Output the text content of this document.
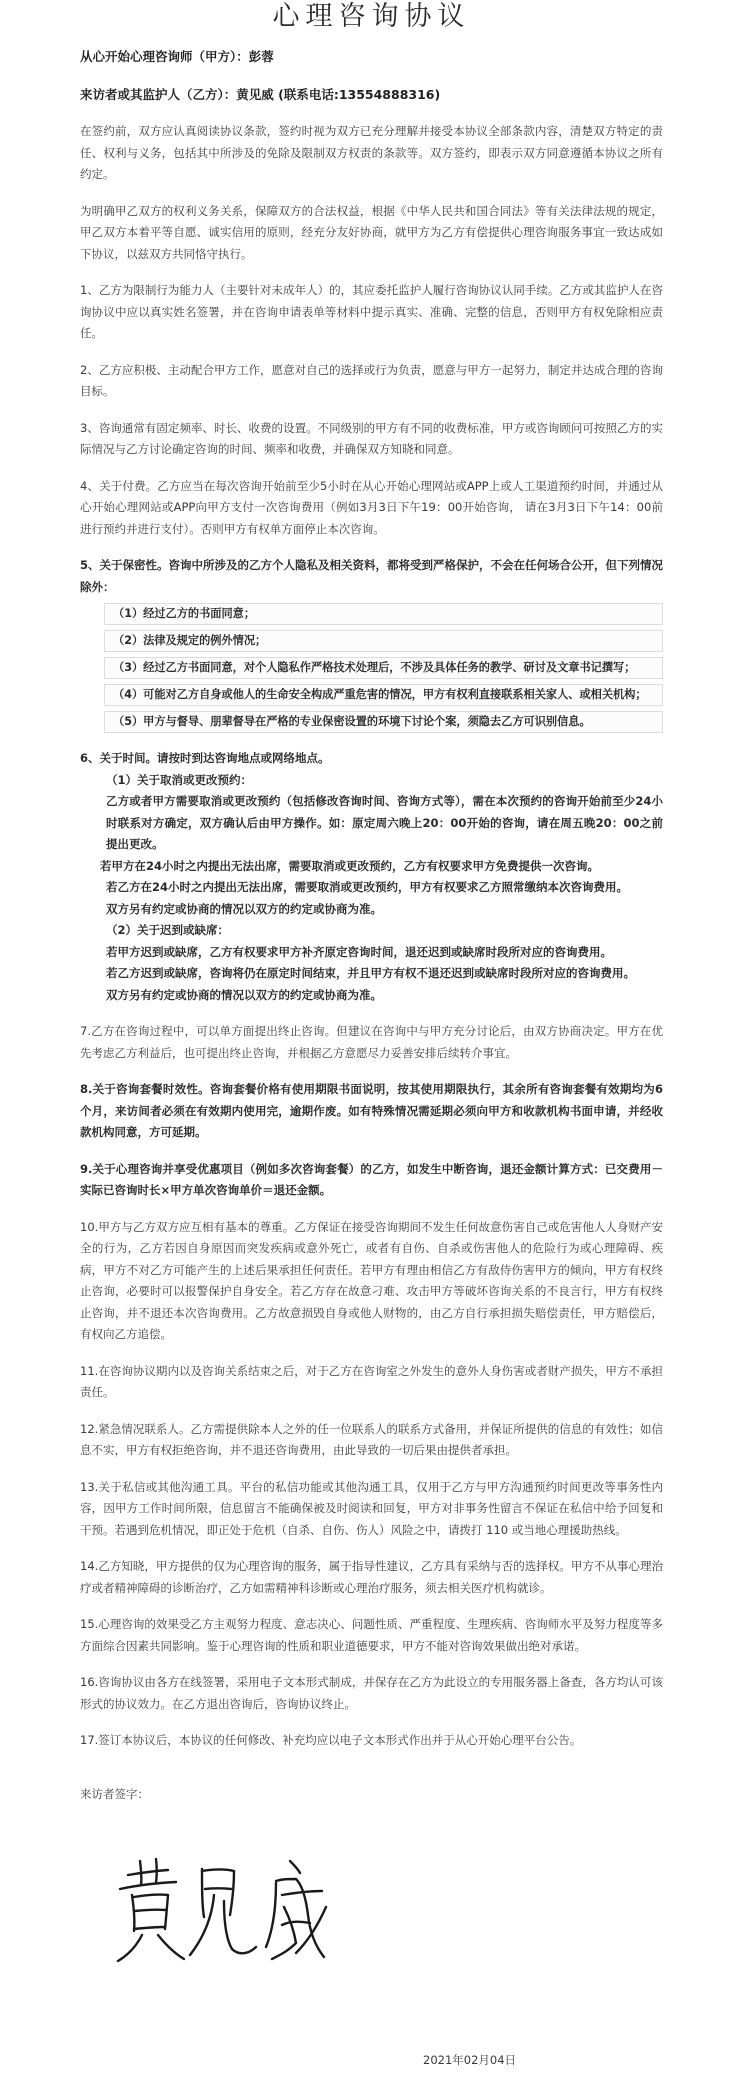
心理咨询协议

从心开始心理咨询师（甲方）：彭蓉

来访者或其监护人（乙方）：黄见威 (联系电话:13554888316)

在签约前，双方应认真阅读协议条款，签约时视为双方已充分理解并接受本协议全部条款内容，清楚双方特定的责任、权利与义务，包括其中所涉及的免除及限制双方权责的条款等。双方签约，即表示双方同意遵循本协议之所有约定。

为明确甲乙双方的权利义务关系，保障双方的合法权益，根据《中华人民共和国合同法》等有关法律法规的规定，甲乙双方本着平等自愿、诚实信用的原则，经充分友好协商，就甲方为乙方有偿提供心理咨询服务事宜一致达成如下协议，以兹双方共同恪守执行。

1、乙方为限制行为能力人（主要针对未成年人）的，其应委托监护人履行咨询协议认同手续。乙方或其监护人在咨询协议中应以真实姓名签署，并在咨询申请表单等材料中提示真实、准确、完整的信息，否则甲方有权免除相应责任。

2、乙方应积极、主动配合甲方工作，愿意对自己的选择或行为负责，愿意与甲方一起努力，制定并达成合理的咨询目标。

3、咨询通常有固定频率、时长、收费的设置。不同级别的甲方有不同的收费标准，甲方或咨询顾问可按照乙方的实际情况与乙方讨论确定咨询的时间、频率和收费，并确保双方知晓和同意。

4、关于付费。乙方应当在每次咨询开始前至少5小时在从心开始心理网站或APP上或人工渠道预约时间，并通过从心开始心理网站或APP向甲方支付一次咨询费用（例如3月3日下午19：00开始咨询， 请在3月3日下午14：00前进行预约并进行支付）。否则甲方有权单方面停止本次咨询。

5、关于保密性。咨询中所涉及的乙方个人隐私及相关资料，都将受到严格保护，不会在任何场合公开，但下列情况除外：

（1）经过乙方的书面同意；
（2）法律及规定的例外情况；
（3）经过乙方书面同意，对个人隐私作严格技术处理后，不涉及具体任务的教学、研讨及文章书记撰写；
（4）可能对乙方自身或他人的生命安全构成严重危害的情况，甲方有权利直接联系相关家人、或相关机构；
（5）甲方与督导、朋辈督导在严格的专业保密设置的环境下讨论个案，须隐去乙方可识别信息。

6、关于时间。请按时到达咨询地点或网络地点。

（1）关于取消或更改预约：

乙方或者甲方需要取消或更改预约（包括修改咨询时间、咨询方式等），需在本次预约的咨询开始前至少24小时联系对方确定，双方确认后由甲方操作。如：原定周六晚上20：00开始的咨询，请在周五晚20：00之前提出更改。

若甲方在24小时之内提出无法出席，需要取消或更改预约，乙方有权要求甲方免费提供一次咨询。

若乙方在24小时之内提出无法出席，需要取消或更改预约，甲方有权要求乙方照常缴纳本次咨询费用。

双方另有约定或协商的情况以双方的约定或协商为准。

（2）关于迟到或缺席：

若甲方迟到或缺席，乙方有权要求甲方补齐原定咨询时间，退还迟到或缺席时段所对应的咨询费用。

若乙方迟到或缺席，咨询将仍在原定时间结束，并且甲方有权不退还迟到或缺席时段所对应的咨询费用。

双方另有约定或协商的情况以双方的约定或协商为准。

7.乙方在咨询过程中，可以单方面提出终止咨询。但建议在咨询中与甲方充分讨论后，由双方协商决定。甲方在优先考虑乙方利益后，也可提出终止咨询，并根据乙方意愿尽力妥善安排后续转介事宜。

8.关于咨询套餐时效性。咨询套餐价格有使用期限书面说明，按其使用期限执行，其余所有咨询套餐有效期均为6个月，来访间者必须在有效期内使用完，逾期作废。如有特殊情况需延期必须向甲方和收款机构书面申请，并经收款机构同意，方可延期。

9.关于心理咨询并享受优惠项目（例如多次咨询套餐）的乙方，如发生中断咨询，退还金额计算方式：已交费用－实际已咨询时长×甲方单次咨询单价＝退还金额。

10.甲方与乙方双方应互相有基本的尊重。乙方保证在接受咨询期间不发生任何故意伤害自己或危害他人人身财产安全的行为，乙方若因自身原因而突发疾病或意外死亡，或者有自伤、自杀或伤害他人的危险行为或心理障碍、疾病，甲方不对乙方可能产生的上述后果承担任何责任。若甲方有理由相信乙方有敌侍伤害甲方的倾向，甲方有权终止咨询，必要时可以报警保护自身安全。若乙方存在故意刁难、攻击甲方等破坏咨询关系的不良言行，甲方有权终止咨询，并不退还本次咨询费用。乙方故意损毁自身或他人财物的，由乙方自行承担损失赔偿责任，甲方赔偿后，有权向乙方追偿。

11.在咨询协议期内以及咨询关系结束之后，对于乙方在咨询室之外发生的意外人身伤害或者财产损失，甲方不承担责任。

12.紧急情况联系人。乙方需提供除本人之外的任一位联系人的联系方式备用，并保证所提供的信息的有效性；如信息不实，甲方有权拒绝咨询，并不退还咨询费用，由此导致的一切后果由提供者承担。

13.关于私信或其他沟通工具。平台的私信功能或其他沟通工具，仅用于乙方与甲方沟通预约时间更改等事务性内容，因甲方工作时间所限，信息留言不能确保被及时阅读和回复，甲方对非事务性留言不保证在私信中给予回复和干预。若遇到危机情况，即正处于危机（自杀、自伤、伤人）风险之中，请拨打 110 或当地心理援助热线。

14.乙方知晓，甲方提供的仅为心理咨询的服务，属于指导性建议，乙方具有采纳与否的选择权。甲方不从事心理治疗或者精神障碍的诊断治疗，乙方如需精神科诊断或心理治疗服务，须去相关医疗机构就诊。

15.心理咨询的效果受乙方主观努力程度、意志决心、问题性质、严重程度、生理疾病、咨询师水平及努力程度等多方面综合因素共同影响。鉴于心理咨询的性质和职业道德要求，甲方不能对咨询效果做出绝对承诺。

16.咨询协议由各方在线签署，采用电子文本形式制成，并保存在乙方为此设立的专用服务器上备查，各方均认可该形式的协议效力。在乙方退出咨询后，咨询协议终止。

17.签订本协议后，本协议的任何修改、补充均应以电子文本形式作出并于从心开始心理平台公告。

来访者签字：

2021年02月04日
